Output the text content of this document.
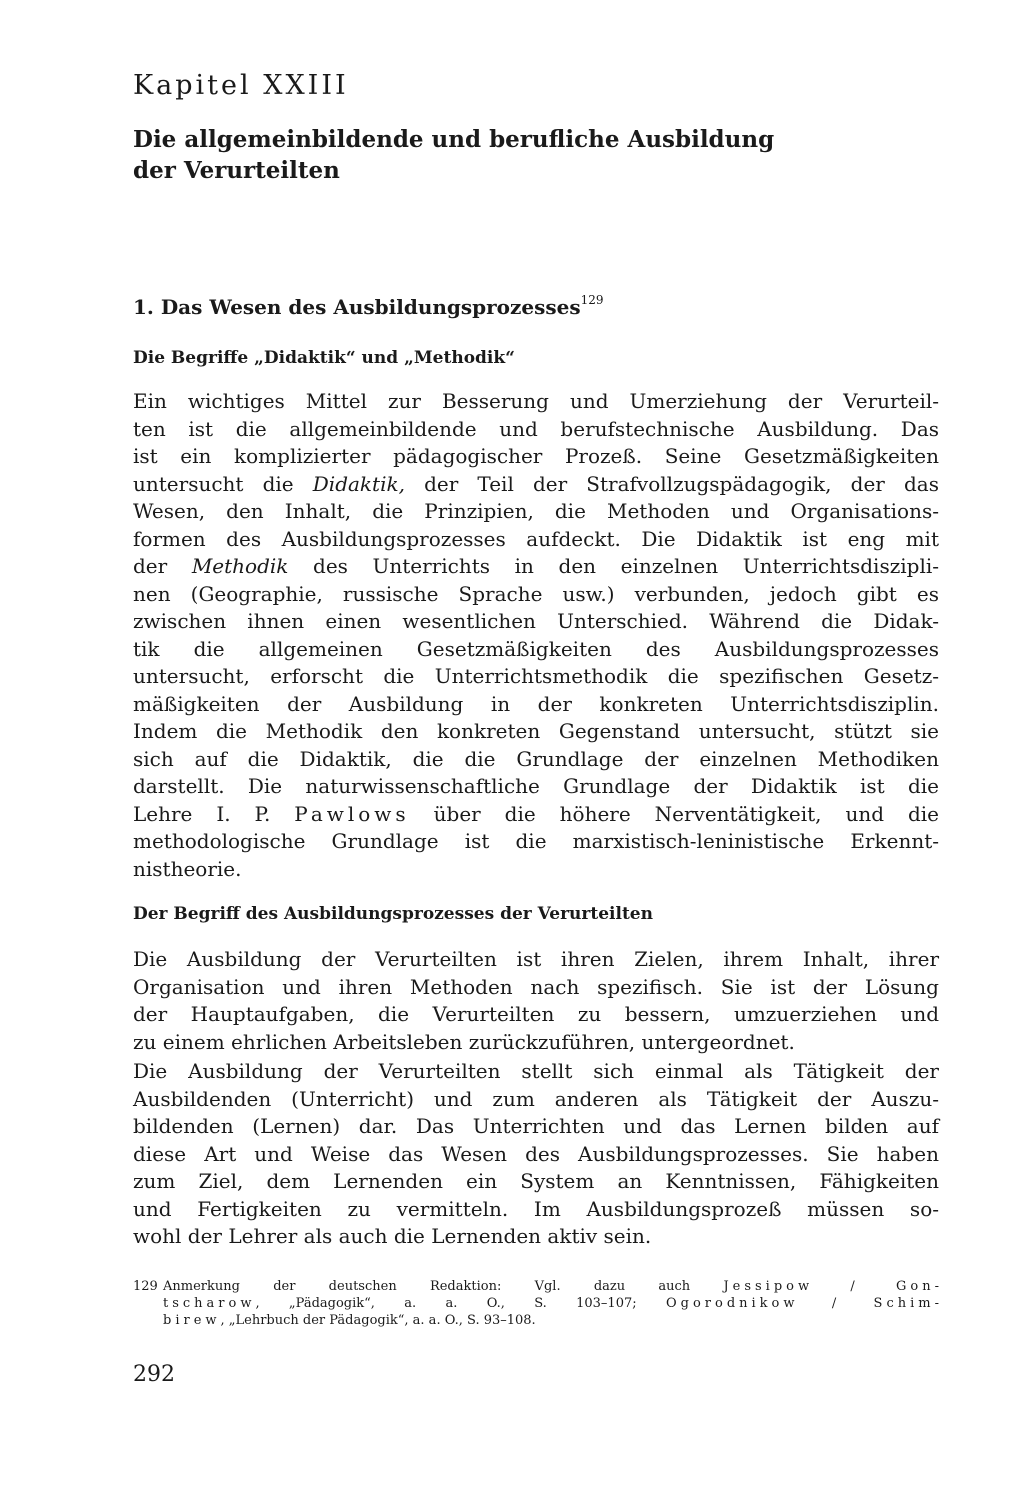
Kapitel XXIII
Die allgemeinbildende und berufliche Ausbildung
der Verurteilten
1. Das Wesen des Ausbildungsprozesses$^{129}$
Die Begriffe „Didaktik“ und „Methodik“

Ein wichtiges Mittel zur Besserung und Umerziehung der Verurteil-
ten ist die allgemeinbildende und berufstechnische Ausbildung. Das
ist ein komplizierter pädagogischer Prozeß. Seine Gesetzmäßigkeiten
untersucht die Didaktik, der Teil der Strafvollzugspädagogik, der das
Wesen, den Inhalt, die Prinzipien, die Methoden und Organisations-
formen des Ausbildungsprozesses aufdeckt. Die Didaktik ist eng mit
der Methodik des Unterrichts in den einzelnen Unterrichtsdiszipli-
nen (Geographie, russische Sprache usw.) verbunden, jedoch gibt es
zwischen ihnen einen wesentlichen Unterschied. Während die Didak-
tik die allgemeinen Gesetzmäßigkeiten des Ausbildungsprozesses
untersucht, erforscht die Unterrichtsmethodik die spezifischen Gesetz-
mäßigkeiten der Ausbildung in der konkreten Unterrichtsdisziplin.
Indem die Methodik den konkreten Gegenstand untersucht, stützt sie
sich auf die Didaktik, die die Grundlage der einzelnen Methodiken
darstellt. Die naturwissenschaftliche Grundlage der Didaktik ist die
Lehre I. P. Pawlows über die höhere Nerventätigkeit, und die
methodologische Grundlage ist die marxistisch-leninistische Erkennt-
nistheorie.

Der Begriff des Ausbildungsprozesses der Verurteilten

Die Ausbildung der Verurteilten ist ihren Zielen, ihrem Inhalt, ihrer
Organisation und ihren Methoden nach spezifisch. Sie ist der Lösung
der Hauptaufgaben, die Verurteilten zu bessern, umzuerziehen und
zu einem ehrlichen Arbeitsleben zurückzuführen, untergeordnet.

Die Ausbildung der Verurteilten stellt sich einmal als Tätigkeit der
Ausbildenden (Unterricht) und zum anderen als Tätigkeit der Auszu-
bildenden (Lernen) dar. Das Unterrichten und das Lernen bilden auf
diese Art und Weise das Wesen des Ausbildungsprozesses. Sie haben
zum Ziel, dem Lernenden ein System an Kenntnissen, Fähigkeiten
und Fertigkeiten zu vermitteln. Im Ausbildungsprozeß müssen so-
wohl der Lehrer als auch die Lernenden aktiv sein.

129 Anmerkung der deutschen Redaktion: Vgl. dazu auch Jessipow / Gon-
tscharow, „Pädagogik“, a. a. O., S. 103–107; Ogorodnikow / Schim-
birew, „Lehrbuch der Pädagogik“, a. a. O., S. 93–108.
292
